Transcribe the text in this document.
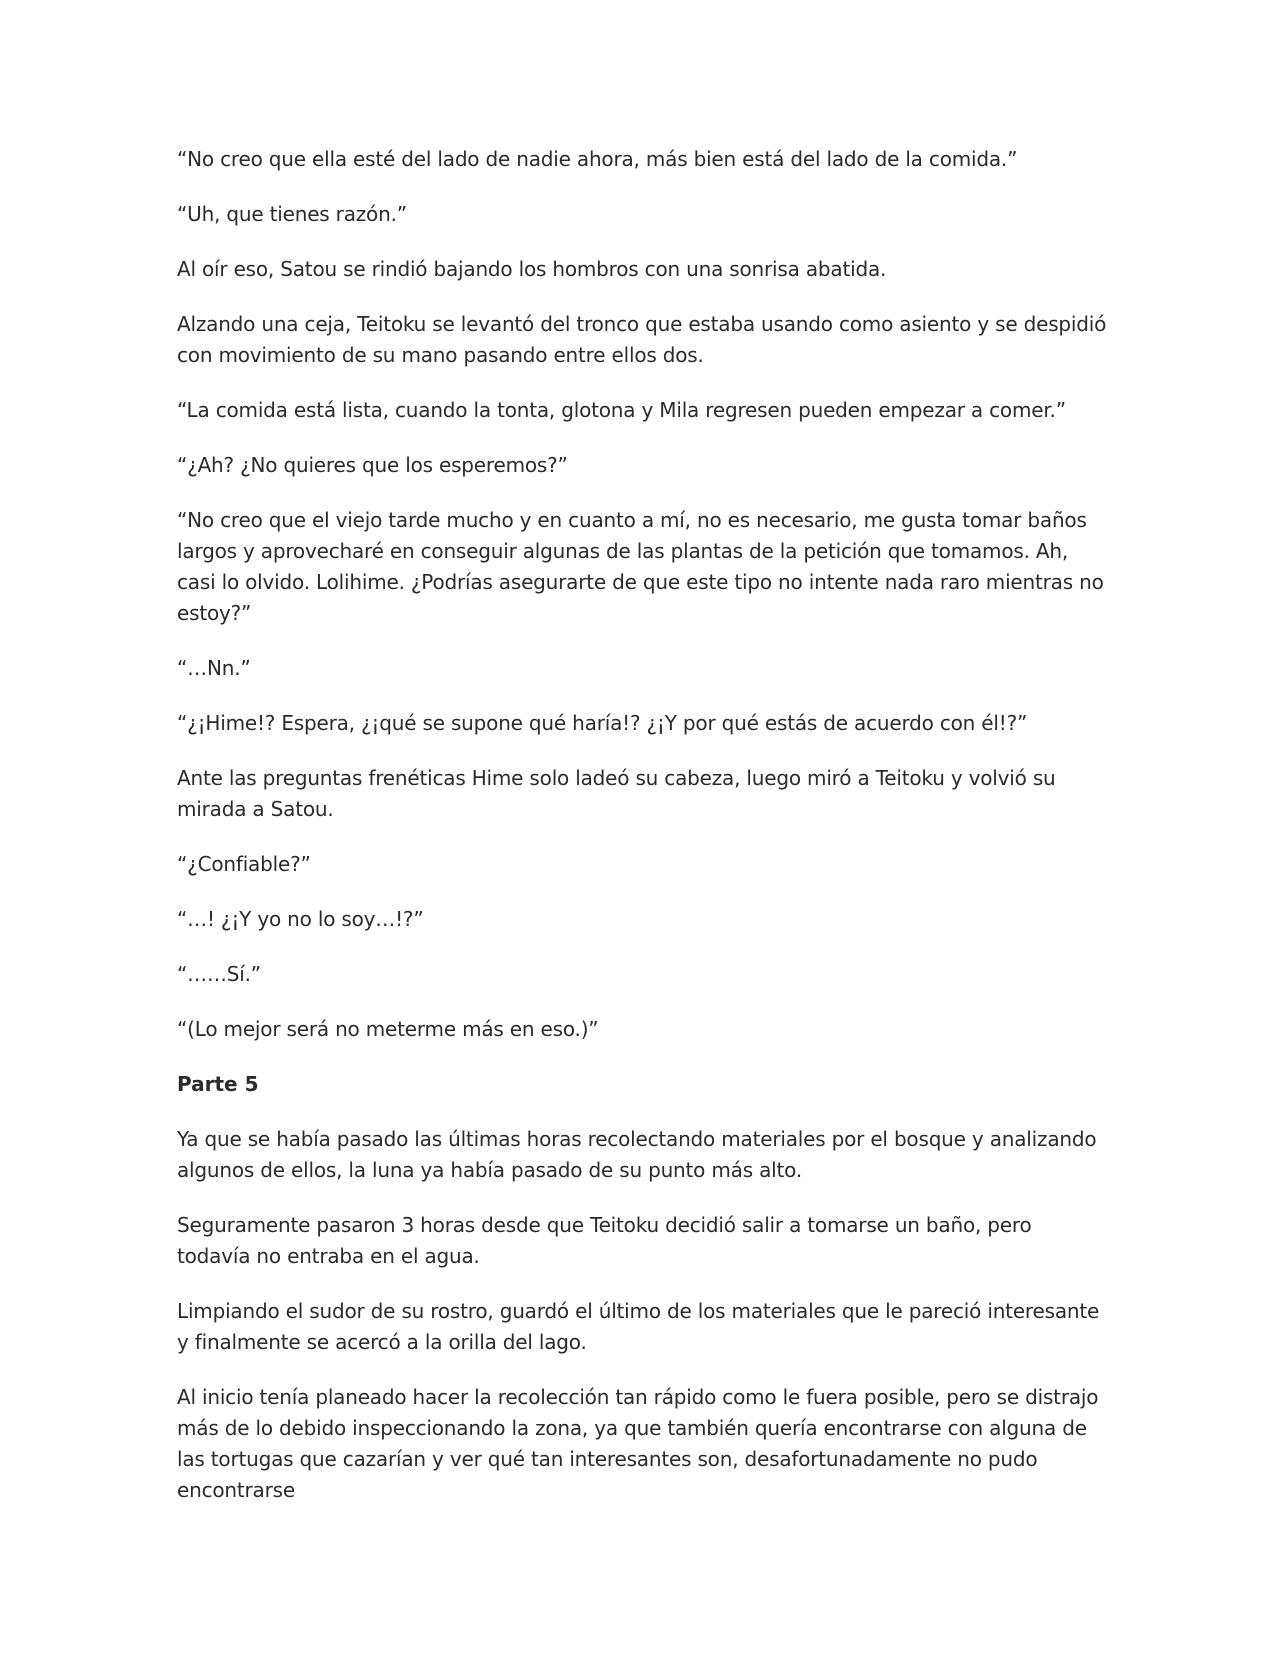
“No creo que ella esté del lado de nadie ahora, más bien está del lado de la comida.”

“Uh, que tienes razón.”

Al oír eso, Satou se rindió bajando los hombros con una sonrisa abatida.

Alzando una ceja, Teitoku se levantó del tronco que estaba usando como asiento y se despidió con movimiento de su mano pasando entre ellos dos.

“La comida está lista, cuando la tonta, glotona y Mila regresen pueden empezar a comer.”

“¿Ah? ¿No quieres que los esperemos?”

“No creo que el viejo tarde mucho y en cuanto a mí, no es necesario, me gusta tomar baños largos y aprovecharé en conseguir algunas de las plantas de la petición que tomamos. Ah, casi lo olvido. Lolihime. ¿Podrías asegurarte de que este tipo no intente nada raro mientras no estoy?”

“…Nn.”

“¿¡Hime!? Espera, ¿¡qué se supone qué haría!? ¿¡Y por qué estás de acuerdo con él!?”

Ante las preguntas frenéticas Hime solo ladeó su cabeza, luego miró a Teitoku y volvió su mirada a Satou.

“¿Confiable?”

“…! ¿¡Y yo no lo soy…!?”

“……Sí.”

“(Lo mejor será no meterme más en eso.)”

Parte 5

Ya que se había pasado las últimas horas recolectando materiales por el bosque y analizando algunos de ellos, la luna ya había pasado de su punto más alto.

Seguramente pasaron 3 horas desde que Teitoku decidió salir a tomarse un baño, pero todavía no entraba en el agua.

Limpiando el sudor de su rostro, guardó el último de los materiales que le pareció interesante y finalmente se acercó a la orilla del lago.

Al inicio tenía planeado hacer la recolección tan rápido como le fuera posible, pero se distrajo más de lo debido inspeccionando la zona, ya que también quería encontrarse con alguna de las tortugas que cazarían y ver qué tan interesantes son, desafortunadamente no pudo encontrarse
